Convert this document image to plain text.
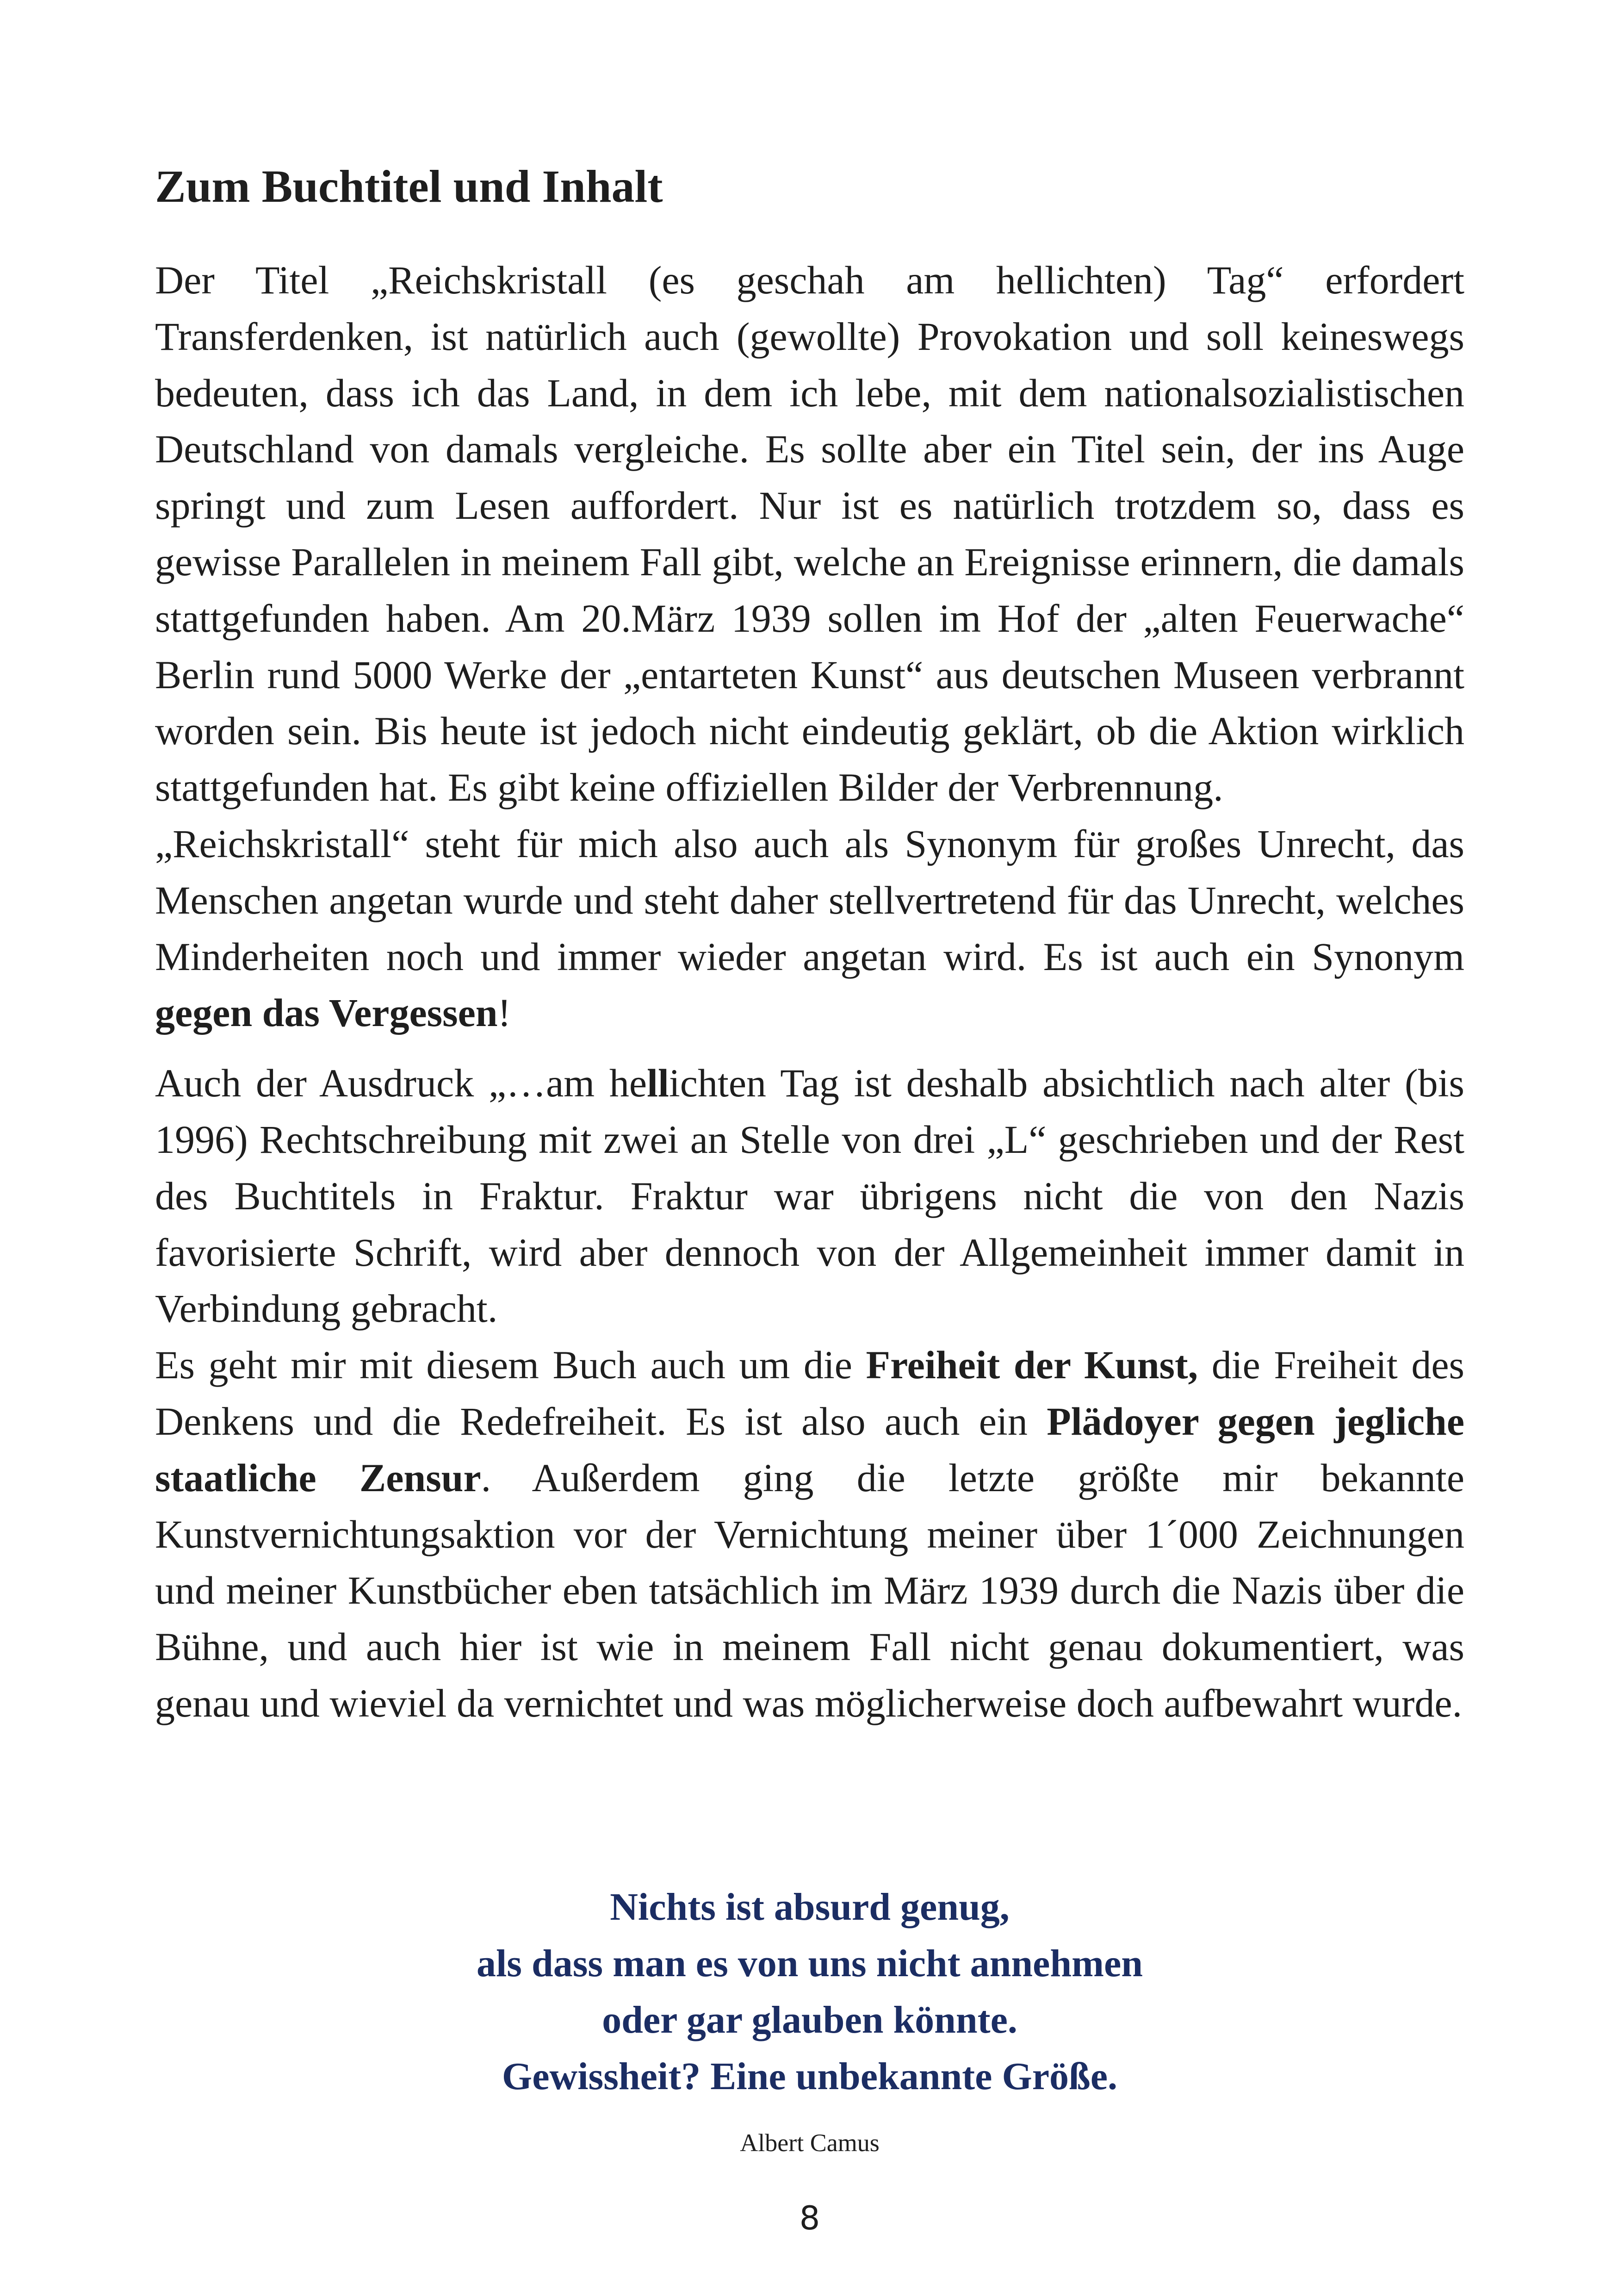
Zum Buchtitel und Inhalt

Der Titel „Reichskristall (es geschah am hellichten) Tag“ erfordert Transferdenken, ist natürlich auch (gewollte) Provokation und soll keineswegs bedeuten, dass ich das Land, in dem ich lebe, mit dem nationalsozialistischen Deutschland von damals vergleiche. Es sollte aber ein Titel sein, der ins Auge springt und zum Lesen auffordert. Nur ist es natürlich trotzdem so, dass es gewisse Parallelen in meinem Fall gibt, welche an Ereignisse erinnern, die damals stattgefunden haben. Am 20.März 1939 sollen im Hof der „alten Feuerwache“ Berlin rund 5000 Werke der „entarteten Kunst“ aus deutschen Museen verbrannt worden sein. Bis heute ist jedoch nicht eindeutig geklärt, ob die Aktion wirklich stattgefunden hat. Es gibt keine offiziellen Bilder der Verbrennung.

„Reichskristall“ steht für mich also auch als Synonym für großes Unrecht, das Menschen angetan wurde und steht daher stellvertretend für das Unrecht, welches Minderheiten noch und immer wieder angetan wird. Es ist auch ein Synonym gegen das Vergessen!

Auch der Ausdruck „…am hellichten Tag ist deshalb absichtlich nach alter (bis 1996) Rechtschreibung mit zwei an Stelle von drei „L“ geschrieben und der Rest des Buchtitels in Fraktur. Fraktur war übrigens nicht die von den Nazis favorisierte Schrift, wird aber dennoch von der Allgemeinheit immer damit in Verbindung gebracht.

Es geht mir mit diesem Buch auch um die Freiheit der Kunst, die Freiheit des Denkens und die Redefreiheit. Es ist also auch ein Plädoyer gegen jegliche staatliche Zensur. Außerdem ging die letzte größte mir bekannte Kunstvernichtungsaktion vor der Vernichtung meiner über 1´000 Zeichnungen und meiner Kunstbücher eben tatsächlich im März 1939 durch die Nazis über die Bühne, und auch hier ist wie in meinem Fall nicht genau dokumentiert, was genau und wieviel da vernichtet und was möglicherweise doch aufbewahrt wurde.

Nichts ist absurd genug,
als dass man es von uns nicht annehmen
oder gar glauben könnte.
Gewissheit? Eine unbekannte Größe.
Albert Camus
8
